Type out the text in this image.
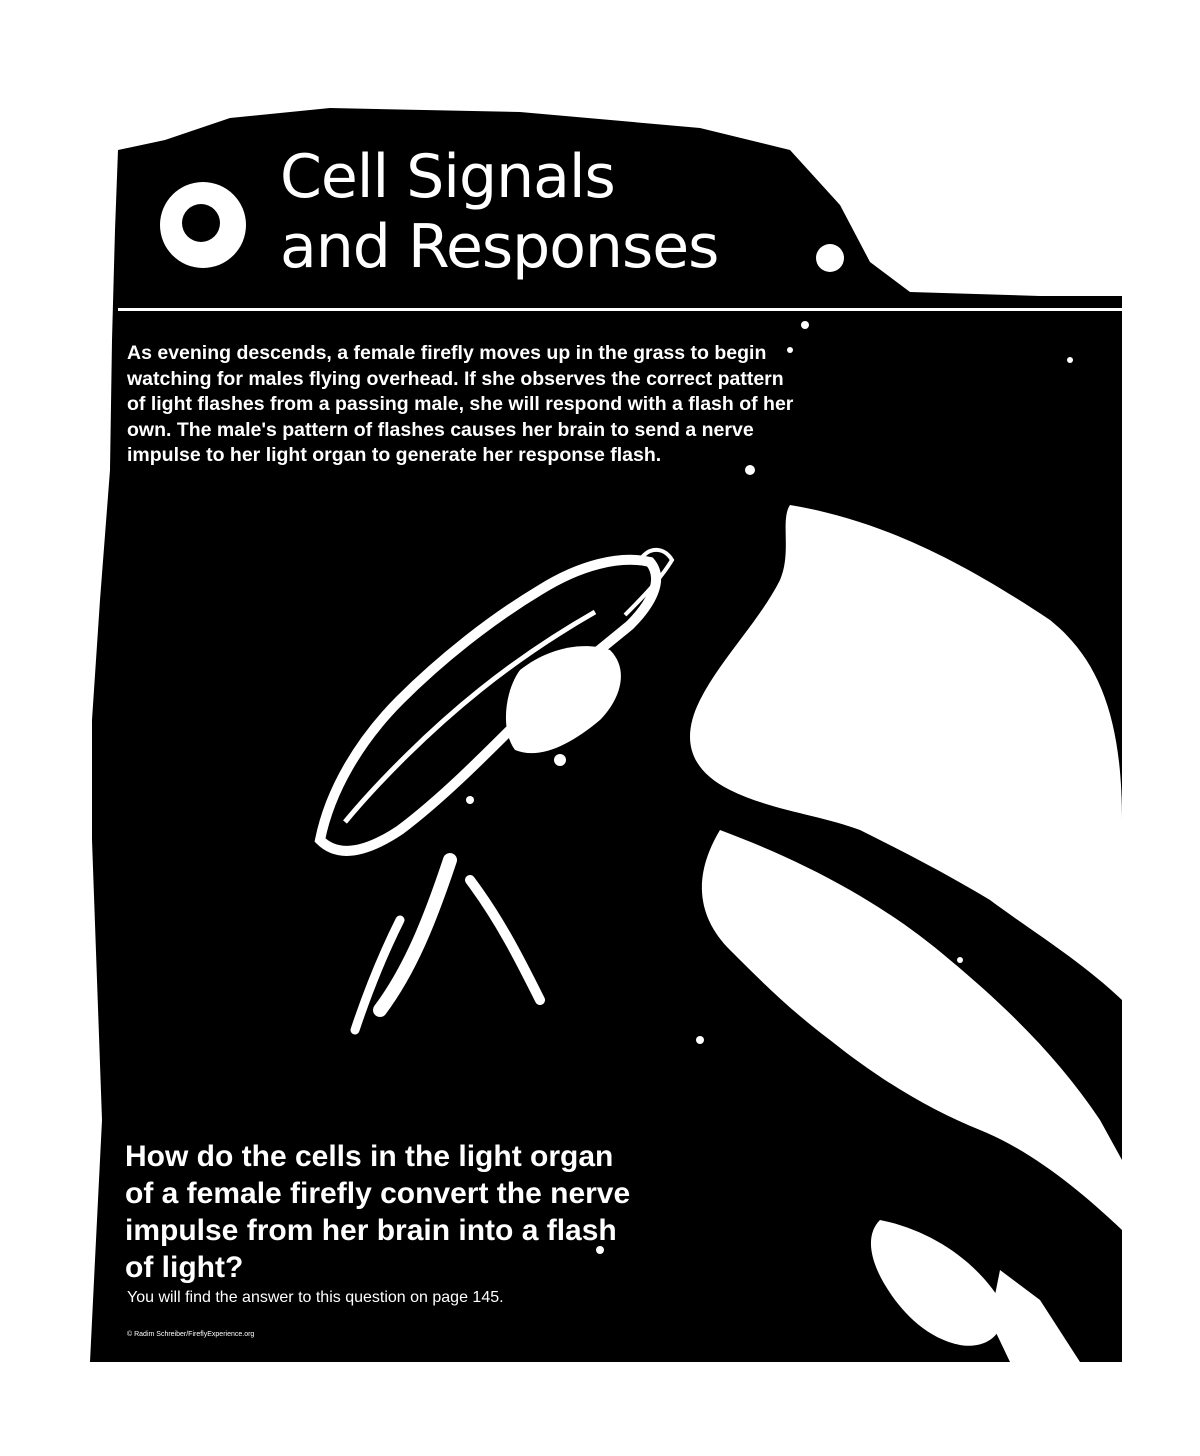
Cell Signals
and Responses

As evening descends, a female firefly moves up in the grass to begin watching for males flying overhead. If she observes the correct pattern of light flashes from a passing male, she will respond with a flash of her own. The male's pattern of flashes causes her brain to send a nerve impulse to her light organ to generate her response flash.

How do the cells in the light organ of a female firefly convert the nerve impulse from her brain into a flash of light?

You will find the answer to this question on page 145.

© Radim Schreiber/FireflyExperience.org
